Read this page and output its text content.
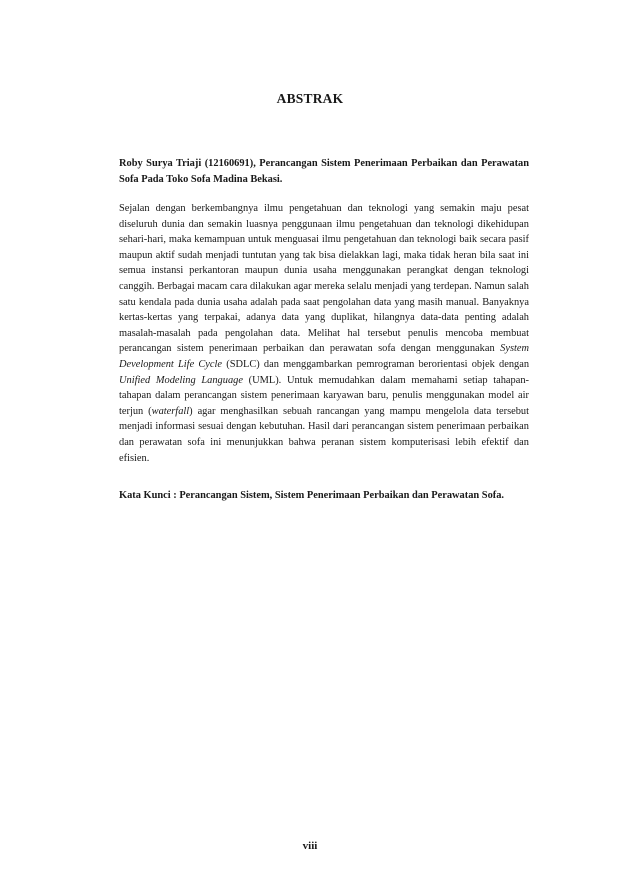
ABSTRAK

Roby Surya Triaji (12160691), Perancangan Sistem Penerimaan Perbaikan dan Perawatan Sofa Pada Toko Sofa Madina Bekasi.

Sejalan dengan berkembangnya ilmu pengetahuan dan teknologi yang semakin maju pesat diseluruh dunia dan semakin luasnya penggunaan ilmu pengetahuan dan teknologi dikehidupan sehari-hari, maka kemampuan untuk menguasai ilmu pengetahuan dan teknologi baik secara pasif maupun aktif sudah menjadi tuntutan yang tak bisa dielakkan lagi, maka tidak heran bila saat ini semua instansi perkantoran maupun dunia usaha menggunakan perangkat dengan teknologi canggih. Berbagai macam cara dilakukan agar mereka selalu menjadi yang terdepan. Namun salah satu kendala pada dunia usaha adalah pada saat pengolahan data yang masih manual. Banyaknya kertas-kertas yang terpakai, adanya data yang duplikat, hilangnya data-data penting adalah masalah-masalah pada pengolahan data. Melihat hal tersebut penulis mencoba membuat perancangan sistem penerimaan perbaikan dan perawatan sofa dengan menggunakan System Development Life Cycle (SDLC) dan menggambarkan pemrograman berorientasi objek dengan Unified Modeling Language (UML). Untuk memudahkan dalam memahami setiap tahapan-tahapan dalam perancangan sistem penerimaan karyawan baru, penulis menggunakan model air terjun (waterfall) agar menghasilkan sebuah rancangan yang mampu mengelola data tersebut menjadi informasi sesuai dengan kebutuhan. Hasil dari perancangan sistem penerimaan perbaikan dan perawatan sofa ini menunjukkan bahwa peranan sistem komputerisasi lebih efektif dan efisien.

Kata Kunci : Perancangan Sistem, Sistem Penerimaan Perbaikan dan Perawatan Sofa.

viii
